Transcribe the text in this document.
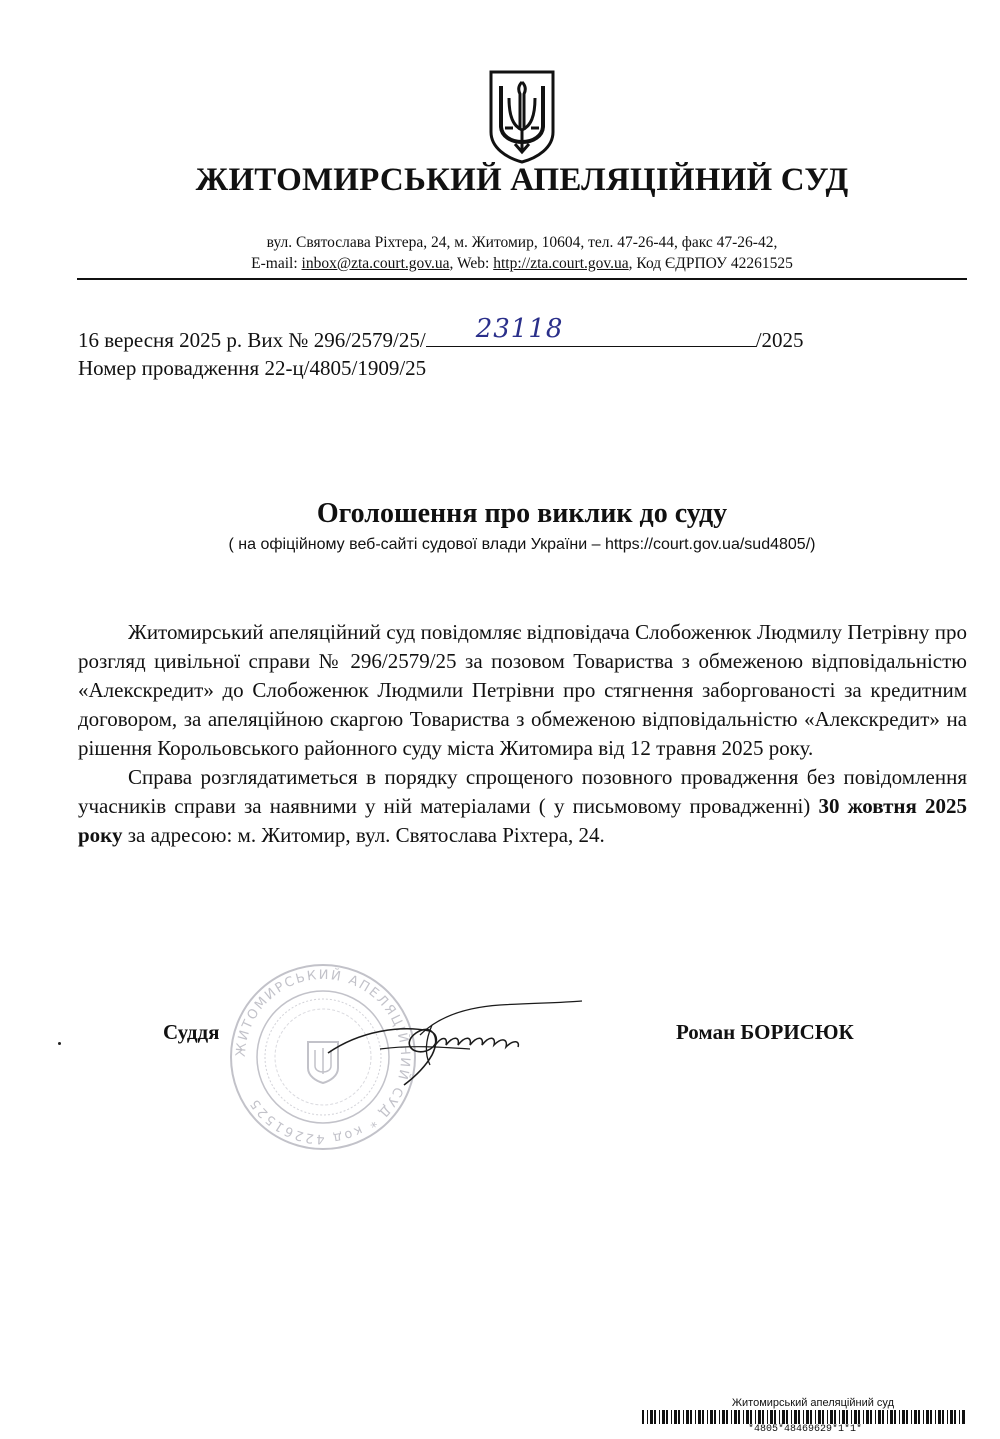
ЖИТОМИРСЬКИЙ АПЕЛЯЦІЙНИЙ СУД
вул. Святослава Ріхтера, 24, м. Житомир, 10604, тел. 47-26-44, факс 47-26-42,
E-mail: inbox@zta.court.gov.ua, Web: http://zta.court.gov.ua, Код ЄДРПОУ 42261525
16 вересня 2025 р. Вих № 296/2579/25/ 23118	/2025
Номер провадження 22-ц/4805/1909/25
Оголошення про виклик до суду
( на офіційному веб-сайті судової влади України – https://court.gov.ua/sud4805/)

Житомирський апеляційний суд повідомляє відповідача Слобоженюк Людмилу Петрівну про розгляд цивільної справи № 296/2579/25 за позовом Товариства з обмеженою відповідальністю «Алекскредит» до Слобоженюк Людмили Петрівни про стягнення заборгованості за кредитним договором, за апеляційною скаргою Товариства з обмеженою відповідальністю «Алекскредит» на рішення Корольовського районного суду міста Житомира від 12 травня 2025 року.

Справа розглядатиметься в порядку спрощеного позовного провадження без повідомлення учасників справи за наявними у ній матеріалами ( у письмовому провадженні) 30 жовтня 2025 року за адресою: м. Житомир, вул. Святослава Ріхтера, 24.

ЖИТОМИРСЬКИЙ АПЕЛЯЦІЙНИЙ СУД * код 42261525
Суддя	Роман БОРИСЮК
Житомирський апеляційний суд
*4805*48469629*1*1*
